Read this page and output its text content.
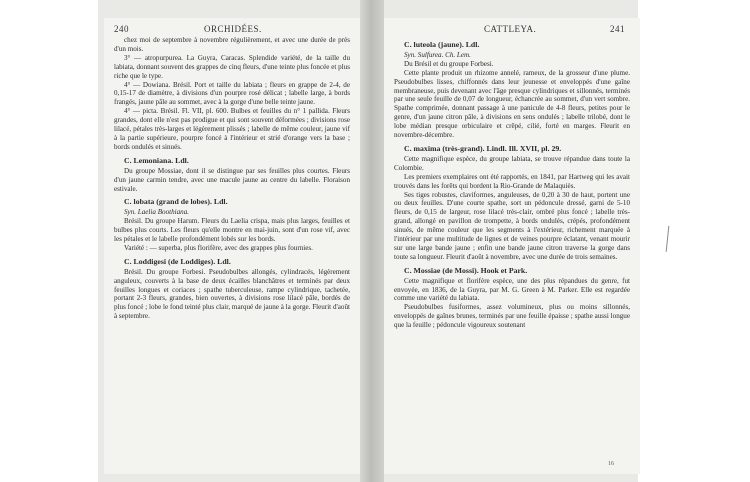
240	ORCHIDÉES.

chez moi de septembre à novembre régulièrement, et avec une durée de près d'un mois.

3° — atropurpurea. La Guyra, Caracas. Splendide variété, de la taille du labiata, donnant souvent des grappes de cinq fleurs, d'une teinte plus foncée et plus riche que le type.

4° — Dowiana. Brésil. Port et taille du labiata ; fleurs en grappe de 2-4, de 0,15-17 de diamètre, à divisions d'un pourpre rosé délicat ; labelle large, à bords frangés, jaune pâle au sommet, avec à la gorge d'une belle teinte jaune.

4° — picta. Brésil. Fl. VII, pl. 600. Bulbes et feuilles du n° 1 pallida. Fleurs grandes, dont elle n'est pas prodigue et qui sont souvent déformées ; divisions rose lilacé, pétales très-larges et légèrement plissés ; labelle de même couleur, jaune vif à la partie supérieure, pourpre foncé à l'intérieur et strié d'orange vers la base ; bords ondulés et sinués.

C. Lemoniana. Ldl.

Du groupe Mossiae, dont il se distingue par ses feuilles plus courtes. Fleurs d'un jaune carmin tendre, avec une macule jaune au centre du labelle. Floraison estivale.

C. lobata (grand de lobes). Ldl.

Syn. Laelia Boothiana.

Brésil. Du groupe Harum. Fleurs du Laelia crispa, mais plus larges, feuilles et bulbes plus courts. Les fleurs qu'elle montre en mai-juin, sont d'un rose vif, avec les pétales et le labelle profondément lobés sur les bords.

Variété : — superba, plus florifère, avec des grappes plus fournies.

C. Loddigesi (de Loddiges). Ldl.

Brésil. Du groupe Forbesi. Pseudobulbes allongés, cylindracés, légèrement anguleux, couverts à la base de deux écailles blanchâtres et terminés par deux feuilles longues et coriaces ; spathe tuberculeuse, rampe cylindrique, tachetée, portant 2-3 fleurs, grandes, bien ouvertes, à divisions rose lilacé pâle, bordés de plus foncé ; lobe le fond teinté plus clair, marqué de jaune à la gorge. Fleurit d'août à septembre.

CATTLEYA.	241
C. luteola (jaune). Ldl.

Syn. Sulfurea. Ch. Lem.

Du Brésil et du groupe Forbesi.

Cette plante produit un rhizome annelé, rameux, de la grosseur d'une plume. Pseudobulbes lisses, chiffonnés dans leur jeunesse et enveloppés d'une gaîne membraneuse, puis devenant avec l'âge presque cylindriques et sillonnés, terminés par une seule feuille de 0,07 de longueur, échancrée au sommet, d'un vert sombre. Spathe comprimée, donnant passage à une panicule de 4-8 fleurs, petites pour le genre, d'un jaune citron pâle, à divisions en sens ondulés ; labelle trilobé, dont le lobe médian presque orbiculaire et crêpé, cilié, forté en marges. Fleurit en novembre-décembre.

C. maxima (très-grand). Lindl. Ill. XVII, pl. 29.

Cette magnifique espèce, du groupe labiata, se trouve répandue dans toute la Colombie.

Les premiers exemplaires ont été rapportés, en 1841, par Hartweg qui les avait trouvés dans les forêts qui bordent la Rio-Grande de Malaquiès.

Ses tiges robustes, claviformes, anguleuses, de 0,20 à 30 de haut, portent une ou deux feuilles. D'une courte spathe, sort un pédoncule dressé, garni de 5-10 fleurs, de 0,15 de largeur, rose lilacé très-clair, ombré plus foncé ; labelle très-grand, allongé en pavillon de trompette, à bords ondulés, crépés, profondément sinués, de même couleur que les segments à l'extérieur, richement marquée à l'intérieur par une multitude de lignes et de veines pourpre éclatant, venant mourir sur une large bande jaune ; enfin une bande jaune citron traverse la gorge dans toute sa longueur. Fleurit d'août à novembre, avec une durée de trois semaines.

C. Mossiae (de Mossi). Hook et Park.

Cette magnifique et florifère espèce, une des plus répandues du genre, fut envoyée, en 1836, de la Guyra, par M. G. Green à M. Parker. Elle est regardée comme une variété du labiata.

Pseudobulbes fusiformes, assez volumineux, plus ou moins sillonnés, enveloppés de gaînes brunes, terminés par une feuille épaisse ; spathe aussi longue que la feuille ; pédoncule vigoureux soutenant

16
